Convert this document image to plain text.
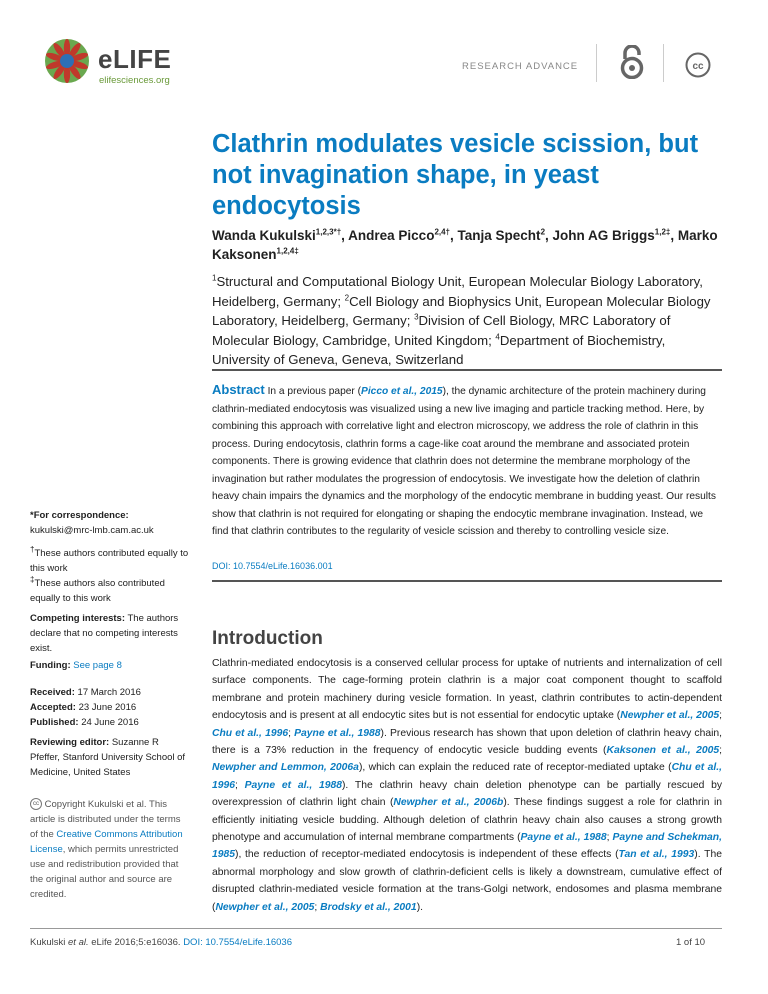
eLIFE
elifesciences.org
RESEARCH ADVANCE	cc
Clathrin modulates vesicle scission, but not invagination shape, in yeast endocytosis
Wanda Kukulski$^{1,2,3*\dagger}$, Andrea Picco$^{2,4\dagger}$, Tanja Specht$^2$, John AG Briggs$^{1,2\ddagger}$, Marko Kaksonen$^{1,2,4\ddagger}$
$^1$Structural and Computational Biology Unit, European Molecular Biology Laboratory, Heidelberg, Germany; $^2$Cell Biology and Biophysics Unit, European Molecular Biology Laboratory, Heidelberg, Germany; $^3$Division of Cell Biology, MRC Laboratory of Molecular Biology, Cambridge, United Kingdom; $^4$Department of Biochemistry, University of Geneva, Geneva, Switzerland
Abstract In a previous paper (Picco et al., 2015), the dynamic architecture of the protein machinery during clathrin-mediated endocytosis was visualized using a new live imaging and particle tracking method. Here, by combining this approach with correlative light and electron microscopy, we address the role of clathrin in this process. During endocytosis, clathrin forms a cage-like coat around the membrane and associated protein components. There is growing evidence that clathrin does not determine the membrane morphology of the invagination but rather modulates the progression of endocytosis. We investigate how the deletion of clathrin heavy chain impairs the dynamics and the morphology of the endocytic membrane in budding yeast. Our results show that clathrin is not required for elongating or shaping the endocytic membrane invagination. Instead, we find that clathrin contributes to the regularity of vesicle scission and thereby to controlling vesicle size.
DOI: 10.7554/eLife.16036.001
*For correspondence: kukulski@mrc-lmb.cam.ac.uk
†These authors contributed equally to this work
‡These authors also contributed equally to this work
Competing interests: The authors declare that no competing interests exist.
Funding: See page 8
Received: 17 March 2016
Accepted: 23 June 2016
Published: 24 June 2016
Reviewing editor: Suzanne R Pfeffer, Stanford University School of Medicine, United States
cc Copyright Kukulski et al. This article is distributed under the terms of the Creative Commons Attribution License, which permits unrestricted use and redistribution provided that the original author and source are credited.
Introduction
Clathrin-mediated endocytosis is a conserved cellular process for uptake of nutrients and internalization of cell surface components. The cage-forming protein clathrin is a major coat component thought to scaffold membrane and protein machinery during vesicle formation. In yeast, clathrin contributes to actin-dependent endocytosis and is present at all endocytic sites but is not essential for endocytic uptake (Newpher et al., 2005; Chu et al., 1996; Payne et al., 1988). Previous research has shown that upon deletion of clathrin heavy chain, there is a 73% reduction in the frequency of endocytic vesicle budding events (Kaksonen et al., 2005; Newpher and Lemmon, 2006a), which can explain the reduced rate of receptor-mediated uptake (Chu et al., 1996; Payne et al., 1988). The clathrin heavy chain deletion phenotype can be partially rescued by overexpression of clathrin light chain (Newpher et al., 2006b). These findings suggest a role for clathrin in efficiently initiating vesicle budding. Although deletion of clathrin heavy chain also causes a strong growth phenotype and accumulation of internal membrane compartments (Payne et al., 1988; Payne and Schekman, 1985), the reduction of receptor-mediated endocytosis is independent of these effects (Tan et al., 1993). The abnormal morphology and slow growth of clathrin-deficient cells is likely a downstream, cumulative effect of disrupted clathrin-mediated vesicle formation at the trans-Golgi network, endosomes and plasma membrane (Newpher et al., 2005; Brodsky et al., 2001).
Kukulski et al. eLife 2016;5:e16036. DOI: 10.7554/eLife.16036	1 of 10
